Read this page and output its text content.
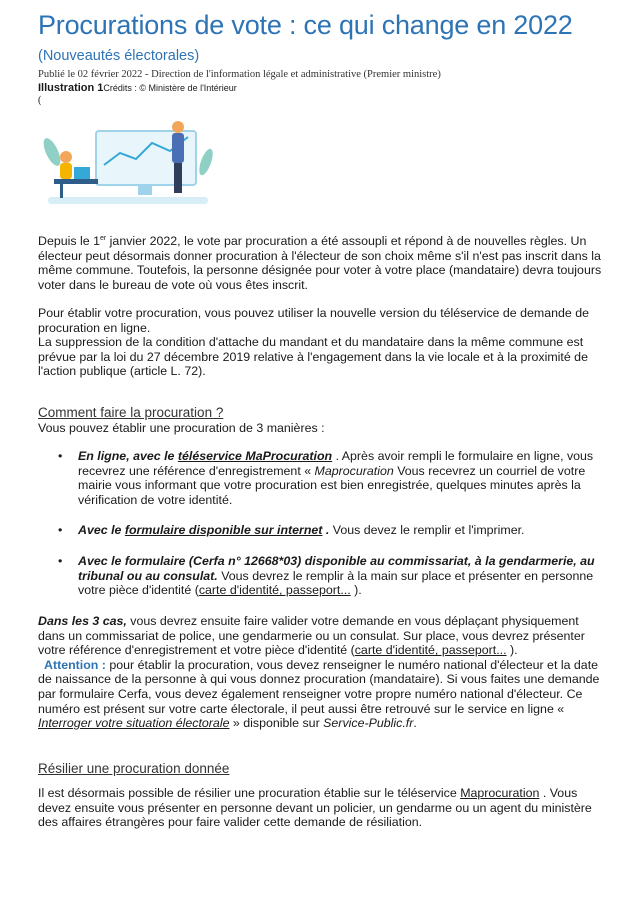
Procurations de vote : ce qui change en 2022
(Nouveautés électorales)
Publié le 02 février 2022 - Direction de l'information légale et administrative (Premier ministre)
Illustration 1Crédits : © Ministère de l'Intérieur
(

Depuis le 1er janvier 2022, le vote par procuration a été assoupli et répond à de nouvelles règles. Un électeur peut désormais donner procuration à l'électeur de son choix même s'il n'est pas inscrit dans la même commune. Toutefois, la personne désignée pour voter à votre place (mandataire) devra toujours voter dans le bureau de vote où vous êtes inscrit.

Pour établir votre procuration, vous pouvez utiliser la nouvelle version du téléservice de demande de procuration en ligne.

La suppression de la condition d'attache du mandant et du mandataire dans la même commune est prévue par la loi du 27 décembre 2019 relative à l'engagement dans la vie locale et à la proximité de l'action publique (article L. 72).

Comment faire la procuration ?
Vous pouvez établir une procuration de 3 manières :
• En ligne, avec le téléservice MaProcuration . Après avoir rempli le formulaire en ligne, vous recevrez une référence d'enregistrement « Maprocuration Vous recevrez un courriel de votre mairie vous informant que votre procuration est bien enregistrée, quelques minutes après la vérification de votre identité.
• Avec le formulaire disponible sur internet . Vous devez le remplir et l'imprimer.
• Avec le formulaire (Cerfa n° 12668*03) disponible au commissariat, à la gendarmerie, au tribunal ou au consulat. Vous devrez le remplir à la main sur place et présenter en personne votre pièce d'identité (carte d'identité, passeport... ).

Dans les 3 cas, vous devrez ensuite faire valider votre demande en vous déplaçant physiquement dans un commissariat de police, une gendarmerie ou un consulat. Sur place, vous devrez présenter votre référence d'enregistrement et votre pièce d'identité (carte d'identité, passeport... ).

Attention : pour établir la procuration, vous devez renseigner le numéro national d'électeur et la date de naissance de la personne à qui vous donnez procuration (mandataire). Si vous faites une demande par formulaire Cerfa, vous devez également renseigner votre propre numéro national d'électeur. Ce numéro est présent sur votre carte électorale, il peut aussi être retrouvé sur le service en ligne « Interroger votre situation électorale » disponible sur Service-Public.fr.

Résilier une procuration donnée

Il est désormais possible de résilier une procuration établie sur le téléservice Maprocuration . Vous devez ensuite vous présenter en personne devant un policier, un gendarme ou un agent du ministère des affaires étrangères pour faire valider cette demande de résiliation.
